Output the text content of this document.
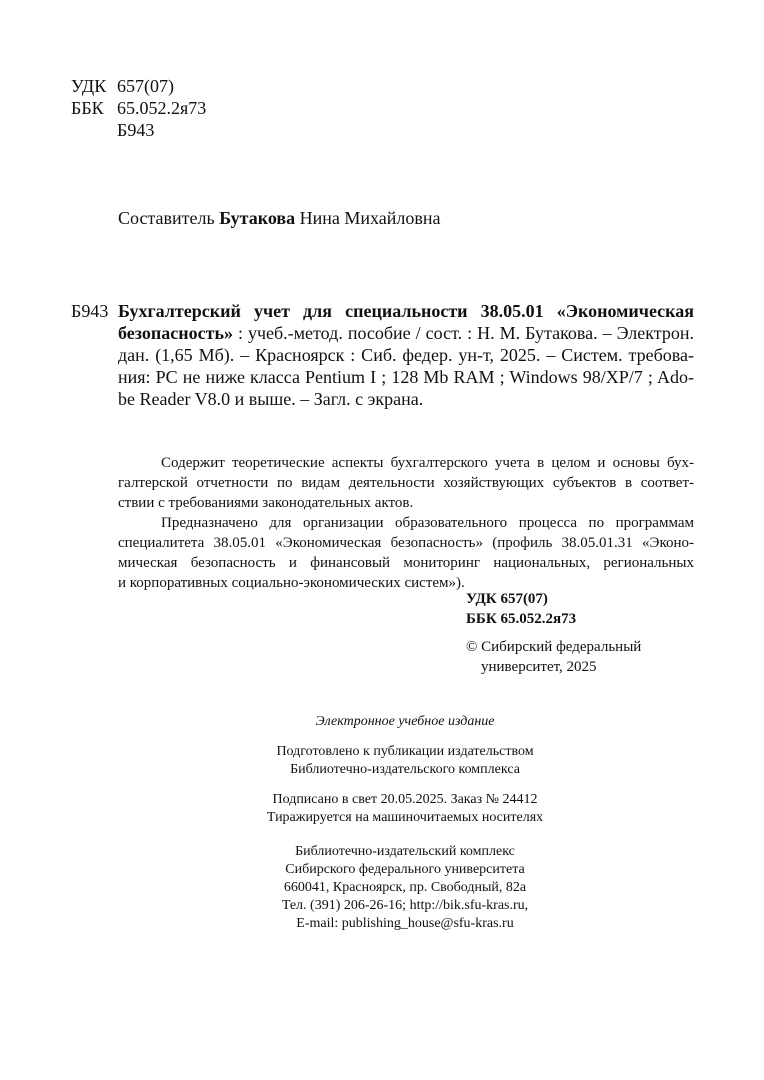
УДК 657(07)
ББК 65.052.2я73
Б943
Составитель Бутакова Нина Михайловна
Б943 Бухгалтерский учет для специальности 38.05.01 «Экономическая
безопасность» : учеб.-метод. пособие / сост. : Н. М. Бутакова. – Электрон.
дан. (1,65 Мб). – Красноярск : Сиб. федер. ун-т, 2025. – Систем. требова-
ния: PC не ниже класса Pentium I ; 128 Mb RAM ; Windows 98/XP/7 ; Ado-
be Reader V8.0 и выше. – Загл. с экрана.
Содержит теоретические аспекты бухгалтерского учета в целом и основы бух-
галтерской отчетности по видам деятельности хозяйствующих субъектов в соответ-
ствии с требованиями законодательных актов.
Предназначено для организации образовательного процесса по программам
специалитета 38.05.01 «Экономическая безопасность» (профиль 38.05.01.31 «Эконо-
мическая безопасность и финансовый мониторинг национальных, региональных
и корпоративных социально-экономических систем»).
УДК 657(07)
ББК 65.052.2я73
© Сибирский федеральный
университет, 2025
Электронное учебное издание
Подготовлено к публикации издательством
Библиотечно-издательского комплекса
Подписано в свет 20.05.2025. Заказ № 24412
Тиражируется на машиночитаемых носителях
Библиотечно-издательский комплекс
Сибирского федерального университета
660041, Красноярск, пр. Свободный, 82а
Тел. (391) 206-26-16; http://bik.sfu-kras.ru,
E-mail: publishing_house@sfu-kras.ru
